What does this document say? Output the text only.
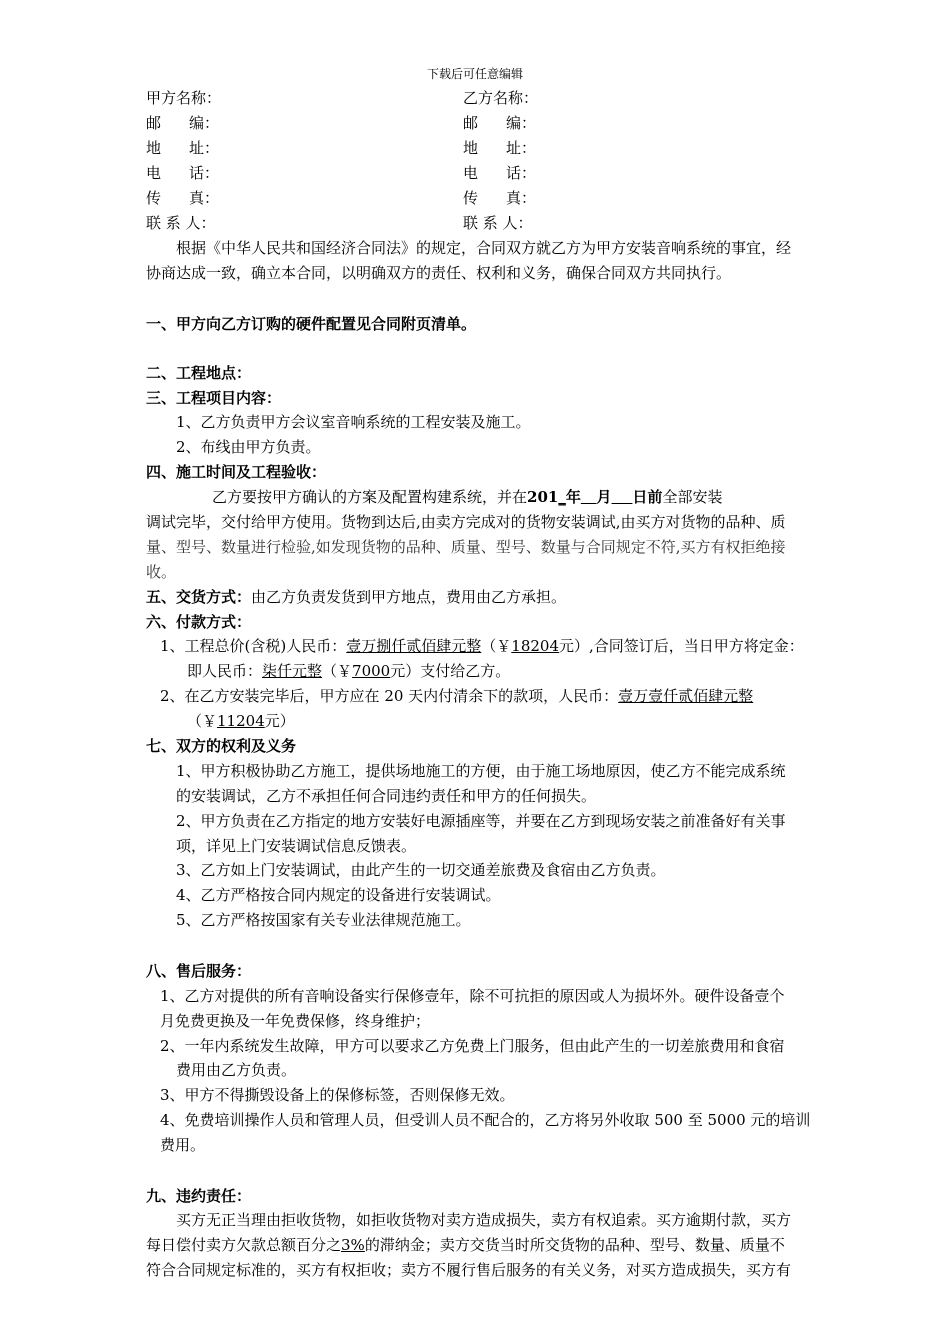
下载后可任意编辑
甲方名称：
邮 编：
地 址：
电 话：
传 真：
联 系 人：
乙方名称：
邮 编：
地 址：
电 话：
传 真：
联 系 人：
根据《中华人民共和国经济合同法》的规定，合同双方就乙方为甲方安装音响系统的事宜，经
协商达成一致，确立本合同，以明确双方的责任、权利和义务，确保合同双方共同执行。
一、甲方向乙方订购的硬件配置见合同附页清单。
二、工程地点：
三、工程项目内容：
1、乙方负责甲方会议室音响系统的工程安装及施工。
2、布线由甲方负责。
四、施工时间及工程验收：
乙方要按甲方确认的方案及配置构建系统，并在201_年 月 日前全部安装
调试完毕，交付给甲方使用。货物到达后,由卖方完成对的货物安装调试,由买方对货物的品种、质
量、型号、数量进行检验,如发现货物的品种、质量、型号、数量与合同规定不符,买方有权拒绝接
收。
五、交货方式：由乙方负责发货到甲方地点，费用由乙方承担。
六、付款方式：
1、工程总价(含税)人民币：壹万捌仟贰佰肆元整（￥18204元）,合同签订后，当日甲方将定金：
即人民币：柒仟元整（￥7000元）支付给乙方。
2、在乙方安装完毕后，甲方应在 20 天内付清余下的款项，人民币：壹万壹仟贰佰肆元整
（￥11204元）
七、双方的权利及义务
1、甲方积极协助乙方施工，提供场地施工的方便，由于施工场地原因，使乙方不能完成系统
的安装调试，乙方不承担任何合同违约责任和甲方的任何损失。
2、甲方负责在乙方指定的地方安装好电源插座等，并要在乙方到现场安装之前准备好有关事
项，详见上门安装调试信息反馈表。
3、乙方如上门安装调试，由此产生的一切交通差旅费及食宿由乙方负责。
4、乙方严格按合同内规定的设备进行安装调试。
5、乙方严格按国家有关专业法律规范施工。
八、售后服务：
1、乙方对提供的所有音响设备实行保修壹年，除不可抗拒的原因或人为损坏外。硬件设备壹个
月免费更换及一年免费保修，终身维护；
2、一年内系统发生故障，甲方可以要求乙方免费上门服务，但由此产生的一切差旅费用和食宿
费用由乙方负责。
3、甲方不得撕毁设备上的保修标签，否则保修无效。
4、免费培训操作人员和管理人员，但受训人员不配合的，乙方将另外收取 500 至 5000 元的培训
费用。
九、违约责任：
买方无正当理由拒收货物，如拒收货物对卖方造成损失，卖方有权追索。买方逾期付款，买方
每日偿付卖方欠款总额百分之3%的滞纳金；卖方交货当时所交货物的品种、型号、数量、质量不
符合合同规定标准的，买方有权拒收；卖方不履行售后服务的有关义务，对买方造成损失，买方有
